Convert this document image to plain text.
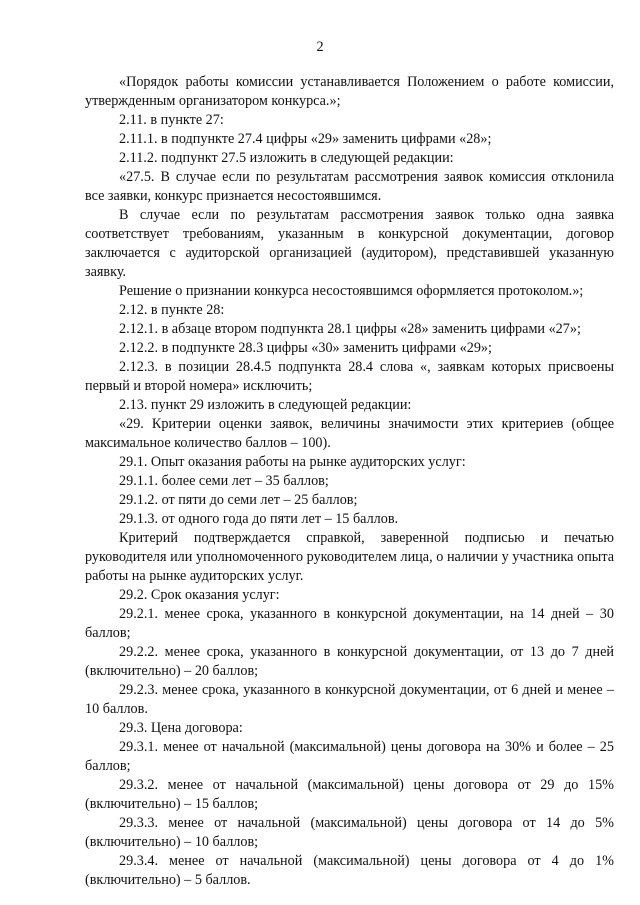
2

«Порядок работы комиссии устанавливается Положением о работе комиссии, утвержденным организатором конкурса.»;

2.11. в пункте 27:

2.11.1. в подпункте 27.4 цифры «29» заменить цифрами «28»;

2.11.2. подпункт 27.5 изложить в следующей редакции:

«27.5. В случае если по результатам рассмотрения заявок комиссия отклонила все заявки, конкурс признается несостоявшимся.

В случае если по результатам рассмотрения заявок только одна заявка соответствует требованиям, указанным в конкурсной документации, договор заключается с аудиторской организацией (аудитором), представившей указанную заявку.

Решение о признании конкурса несостоявшимся оформляется протоколом.»;

2.12. в пункте 28:

2.12.1. в абзаце втором подпункта 28.1 цифры «28» заменить цифрами «27»;

2.12.2. в подпункте 28.3 цифры «30» заменить цифрами «29»;

2.12.3. в позиции 28.4.5 подпункта 28.4 слова «, заявкам которых присвоены первый и второй номера» исключить;

2.13. пункт 29 изложить в следующей редакции:

«29. Критерии оценки заявок, величины значимости этих критериев (общее максимальное количество баллов – 100).

29.1. Опыт оказания работы на рынке аудиторских услуг:

29.1.1. более семи лет – 35 баллов;

29.1.2. от пяти до семи лет – 25 баллов;

29.1.3. от одного года до пяти лет – 15 баллов.

Критерий подтверждается справкой, заверенной подписью и печатью руководителя или уполномоченного руководителем лица, о наличии у участника опыта работы на рынке аудиторских услуг.

29.2. Срок оказания услуг:

29.2.1. менее срока, указанного в конкурсной документации, на 14 дней – 30 баллов;

29.2.2. менее срока, указанного в конкурсной документации, от 13 до 7 дней (включительно) – 20 баллов;

29.2.3. менее срока, указанного в конкурсной документации, от 6 дней и менее – 10 баллов.

29.3. Цена договора:

29.3.1. менее от начальной (максимальной) цены договора на 30% и более – 25 баллов;

29.3.2. менее от начальной (максимальной) цены договора от 29 до 15% (включительно) – 15 баллов;

29.3.3. менее от начальной (максимальной) цены договора от 14 до 5% (включительно) – 10 баллов;

29.3.4. менее от начальной (максимальной) цены договора от 4 до 1% (включительно) – 5 баллов.
